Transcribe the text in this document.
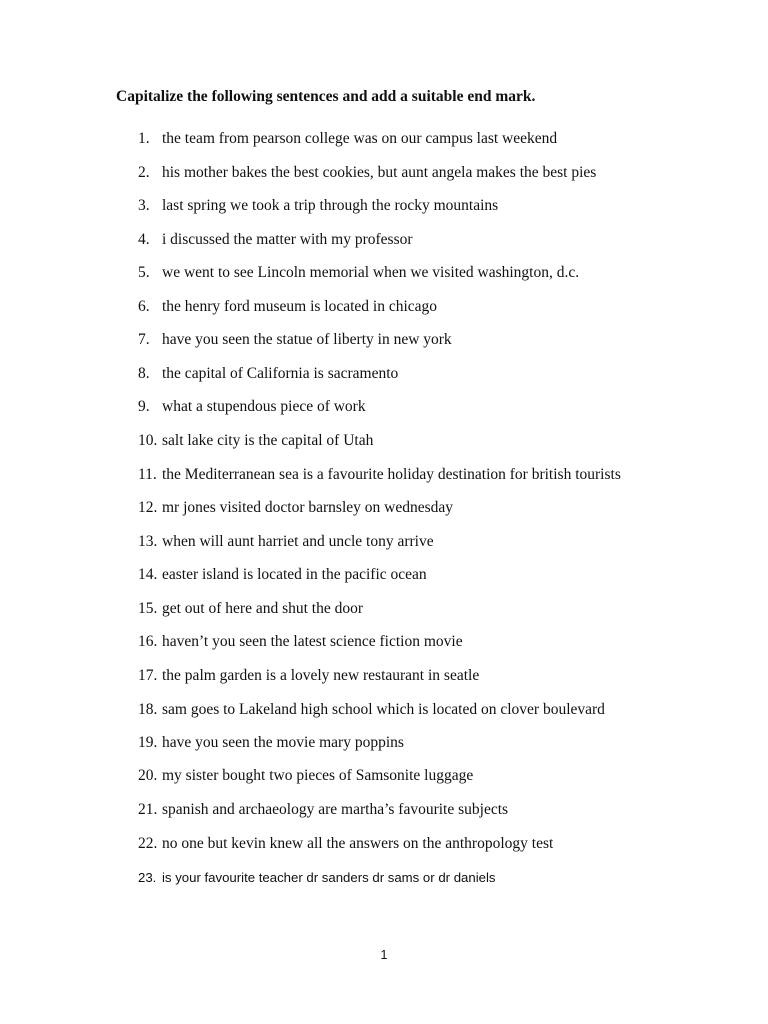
Capitalize the following sentences and add a suitable end mark.
1. the team from pearson college was on our campus last weekend
2. his mother bakes the best cookies, but aunt angela makes the best pies
3. last spring we took a trip through the rocky mountains
4. i discussed the matter with my professor
5. we went to see Lincoln memorial when we visited washington, d.c.
6. the henry ford museum is located in chicago
7. have you seen the statue of liberty in new york
8. the capital of California is sacramento
9. what a stupendous piece of work
10. salt lake city is the capital of Utah
11. the Mediterranean sea is a favourite holiday destination for british tourists
12. mr jones visited doctor barnsley on wednesday
13. when will aunt harriet and uncle tony arrive
14. easter island is located in the pacific ocean
15. get out of here and shut the door
16. haven’t you seen the latest science fiction movie
17. the palm garden is a lovely new restaurant in seatle
18. sam goes to Lakeland high school which is located on clover boulevard
19. have you seen the movie mary poppins
20. my sister bought two pieces of Samsonite luggage
21. spanish and archaeology are martha’s favourite subjects
22. no one but kevin knew all the answers on the anthropology test
23. is your favourite teacher dr sanders dr sams or dr daniels
1
